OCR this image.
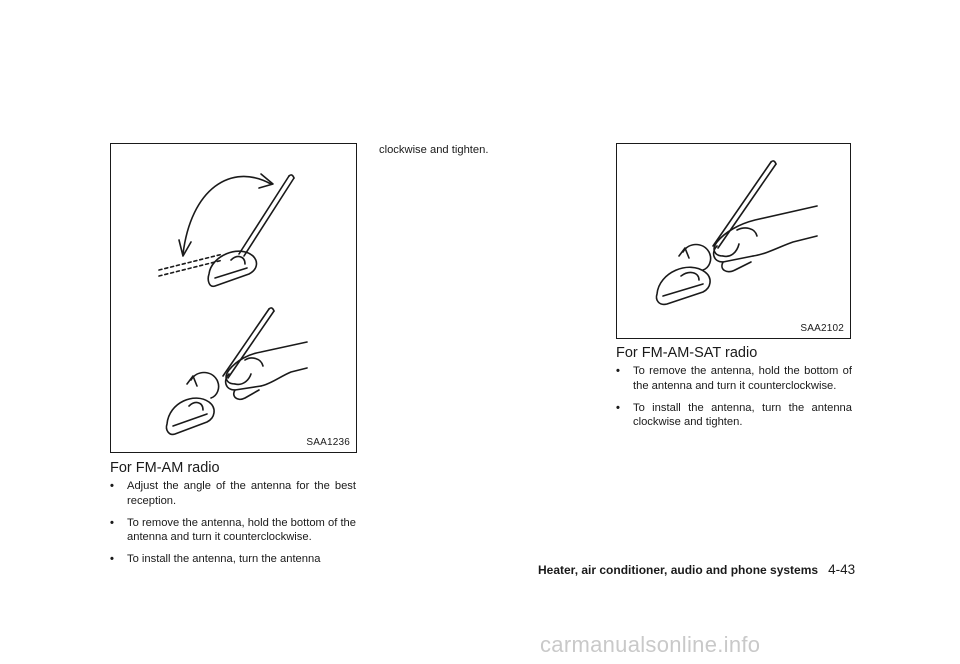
SAA1236
SAA2102
For FM-AM radio
• Adjust the angle of the antenna for the best reception.
• To remove the antenna, hold the bottom of the antenna and turn it counterclockwise.
• To install the antenna, turn the antenna

clockwise and tighten.

For FM-AM-SAT radio
• To remove the antenna, hold the bottom of the antenna and turn it counterclockwise.
• To install the antenna, turn the antenna clockwise and tighten.
Heater, air conditioner, audio and phone systems 4-43
carmanualsonline.info
